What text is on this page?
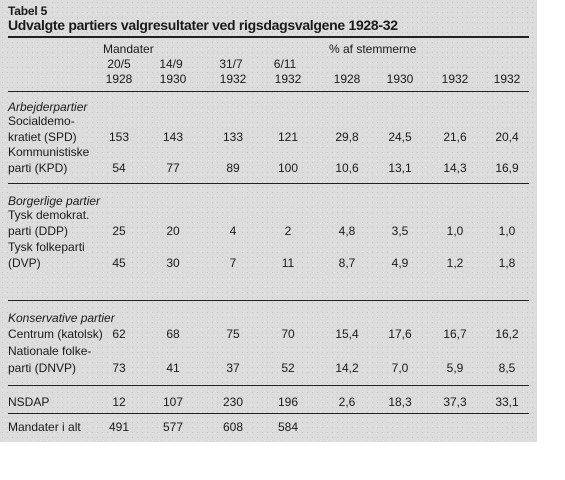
Tabel 5
Udvalgte partiers valgresultater ved rigsdagsvalgene 1928-32
Mandater	% af stemmerne
20/5	14/9	31/7	6/11
1928	1930	1932	1932	1928	1930	1932	1932
Arbejderpartier
Socialdemo-
kratiet (SPD)	153	143	133	121	29,8	24,5	21,6	20,4
Kommunistiske
parti (KPD)	54	77	89	100	10,6	13,1	14,3	16,9
Borgerlige partier
Tysk demokrat.
parti (DDP)	25	20	4	2	4,8	3,5	1,0	1,0
Tysk folkeparti
(DVP)	45	30	7	11	8,7	4,9	1,2	1,8
Konservative partier
Centrum (katolsk) 62	68	75	70	15,4	17,6	16,7	16,2
Nationale folke-
parti (DNVP)	73	41	37	52	14,2	7,0	5,9	8,5
NSDAP	12	107	230	196	2,6	18,3	37,3	33,1
Mandater i alt	491	577	608	584
